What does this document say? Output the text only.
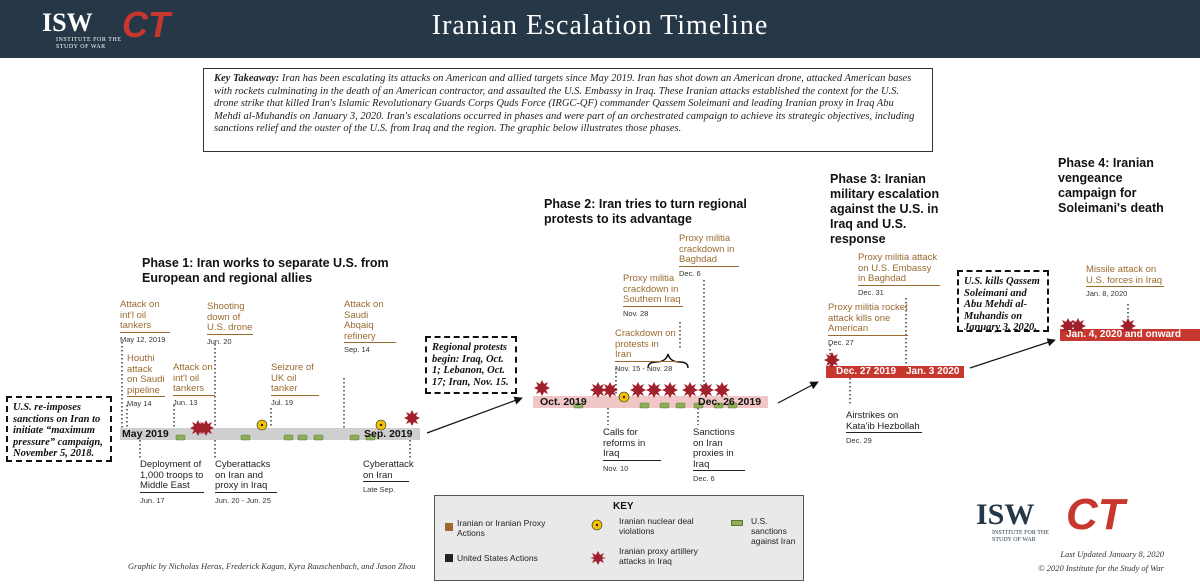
Iranian Escalation Timeline
ISW
INSTITUTE FOR THE
STUDY OF WAR
CT
Key Takeaway: Iran has been escalating its attacks on American and allied targets since May 2019. Iran has shot down an American drone, attacked American bases with rockets culminating in the death of an American contractor, and assaulted the U.S. Embassy in Iraq. These Iranian attacks established the context for the U.S. drone strike that killed Iran's Islamic Revolutionary Guards Corps Quds Force (IRGC-QF) commander Qassem Soleimani and leading Iranian proxy in Iraq Abu Mehdi al-Muhandis on January 3, 2020. Iran's escalations occurred in phases and were part of an orchestrated campaign to achieve its strategic objectives, including sanctions relief and the ouster of the U.S. from Iraq and the region. The graphic below illustrates those phases.
Phase 1: Iran works to separate U.S. from European and regional allies
Phase 2: Iran tries to turn regional protests to its advantage
Phase 3: Iranian military escalation against the U.S. in Iraq and U.S. response
Phase 4: Iranian vengeance campaign for Soleimani's death
May 2019	Sep. 2019
Oct. 2019	Dec. 26 2019
Dec. 27 2019 Jan. 3 2020
Jan. 4, 2020 and onward
U.S. re-imposes sanctions on Iran to initiate “maximum pressure” campaign, November 5, 2018.
Regional protests begin: Iraq, Oct. 1; Lebanon, Oct. 17; Iran, Nov. 15.
U.S. kills Qassem Soleimani and Abu Mehdi al-Muhandis on January 3, 2020.
Attack on int'l oil tankers
May 12, 2019
Houthi attack on Saudi pipeline
May 14
Attack on int'l oil tankers
Jun. 13
Shooting down of U.S. drone
Jun. 20
Seizure of UK oil tanker
Jul. 19
Attack on Saudi Abqaiq refinery
Sep. 14
Deployment of 1,000 troops to Middle East
Jun. 17
Cyberattacks on Iran and proxy in Iraq
Jun. 20 - Jun. 25
Cyberattack on Iran
Late Sep.
Proxy militia crackdown in Baghdad
Dec. 6
Proxy militia crackdown in Southern Iraq
Nov. 28
Crackdown on protests in Iran
Nov. 15 - Nov. 28
Calls for reforms in Iraq
Nov. 10
Sanctions on Iran proxies in Iraq
Dec. 6
Proxy militia attack on U.S. Embassy in Baghdad
Dec. 31
Proxy militia rocket attack kills one American
Dec. 27
Airstrikes on Kata'ib Hezbollah
Dec. 29
Missile attack on U.S. forces in Iraq
Jan. 8, 2020
KEY
Iranian or Iranian Proxy Actions
United States Actions
Iranian nuclear deal violations
Iranian proxy artillery attacks in Iraq
U.S. sanctions against Iran
Graphic by Nicholas Heras, Frederick Kagan, Kyra Rauschenbach, and Jason Zhou
ISW
INSTITUTE FOR THE
STUDY OF WAR
CT
Last Updated January 8, 2020
© 2020 Institute for the Study of War
